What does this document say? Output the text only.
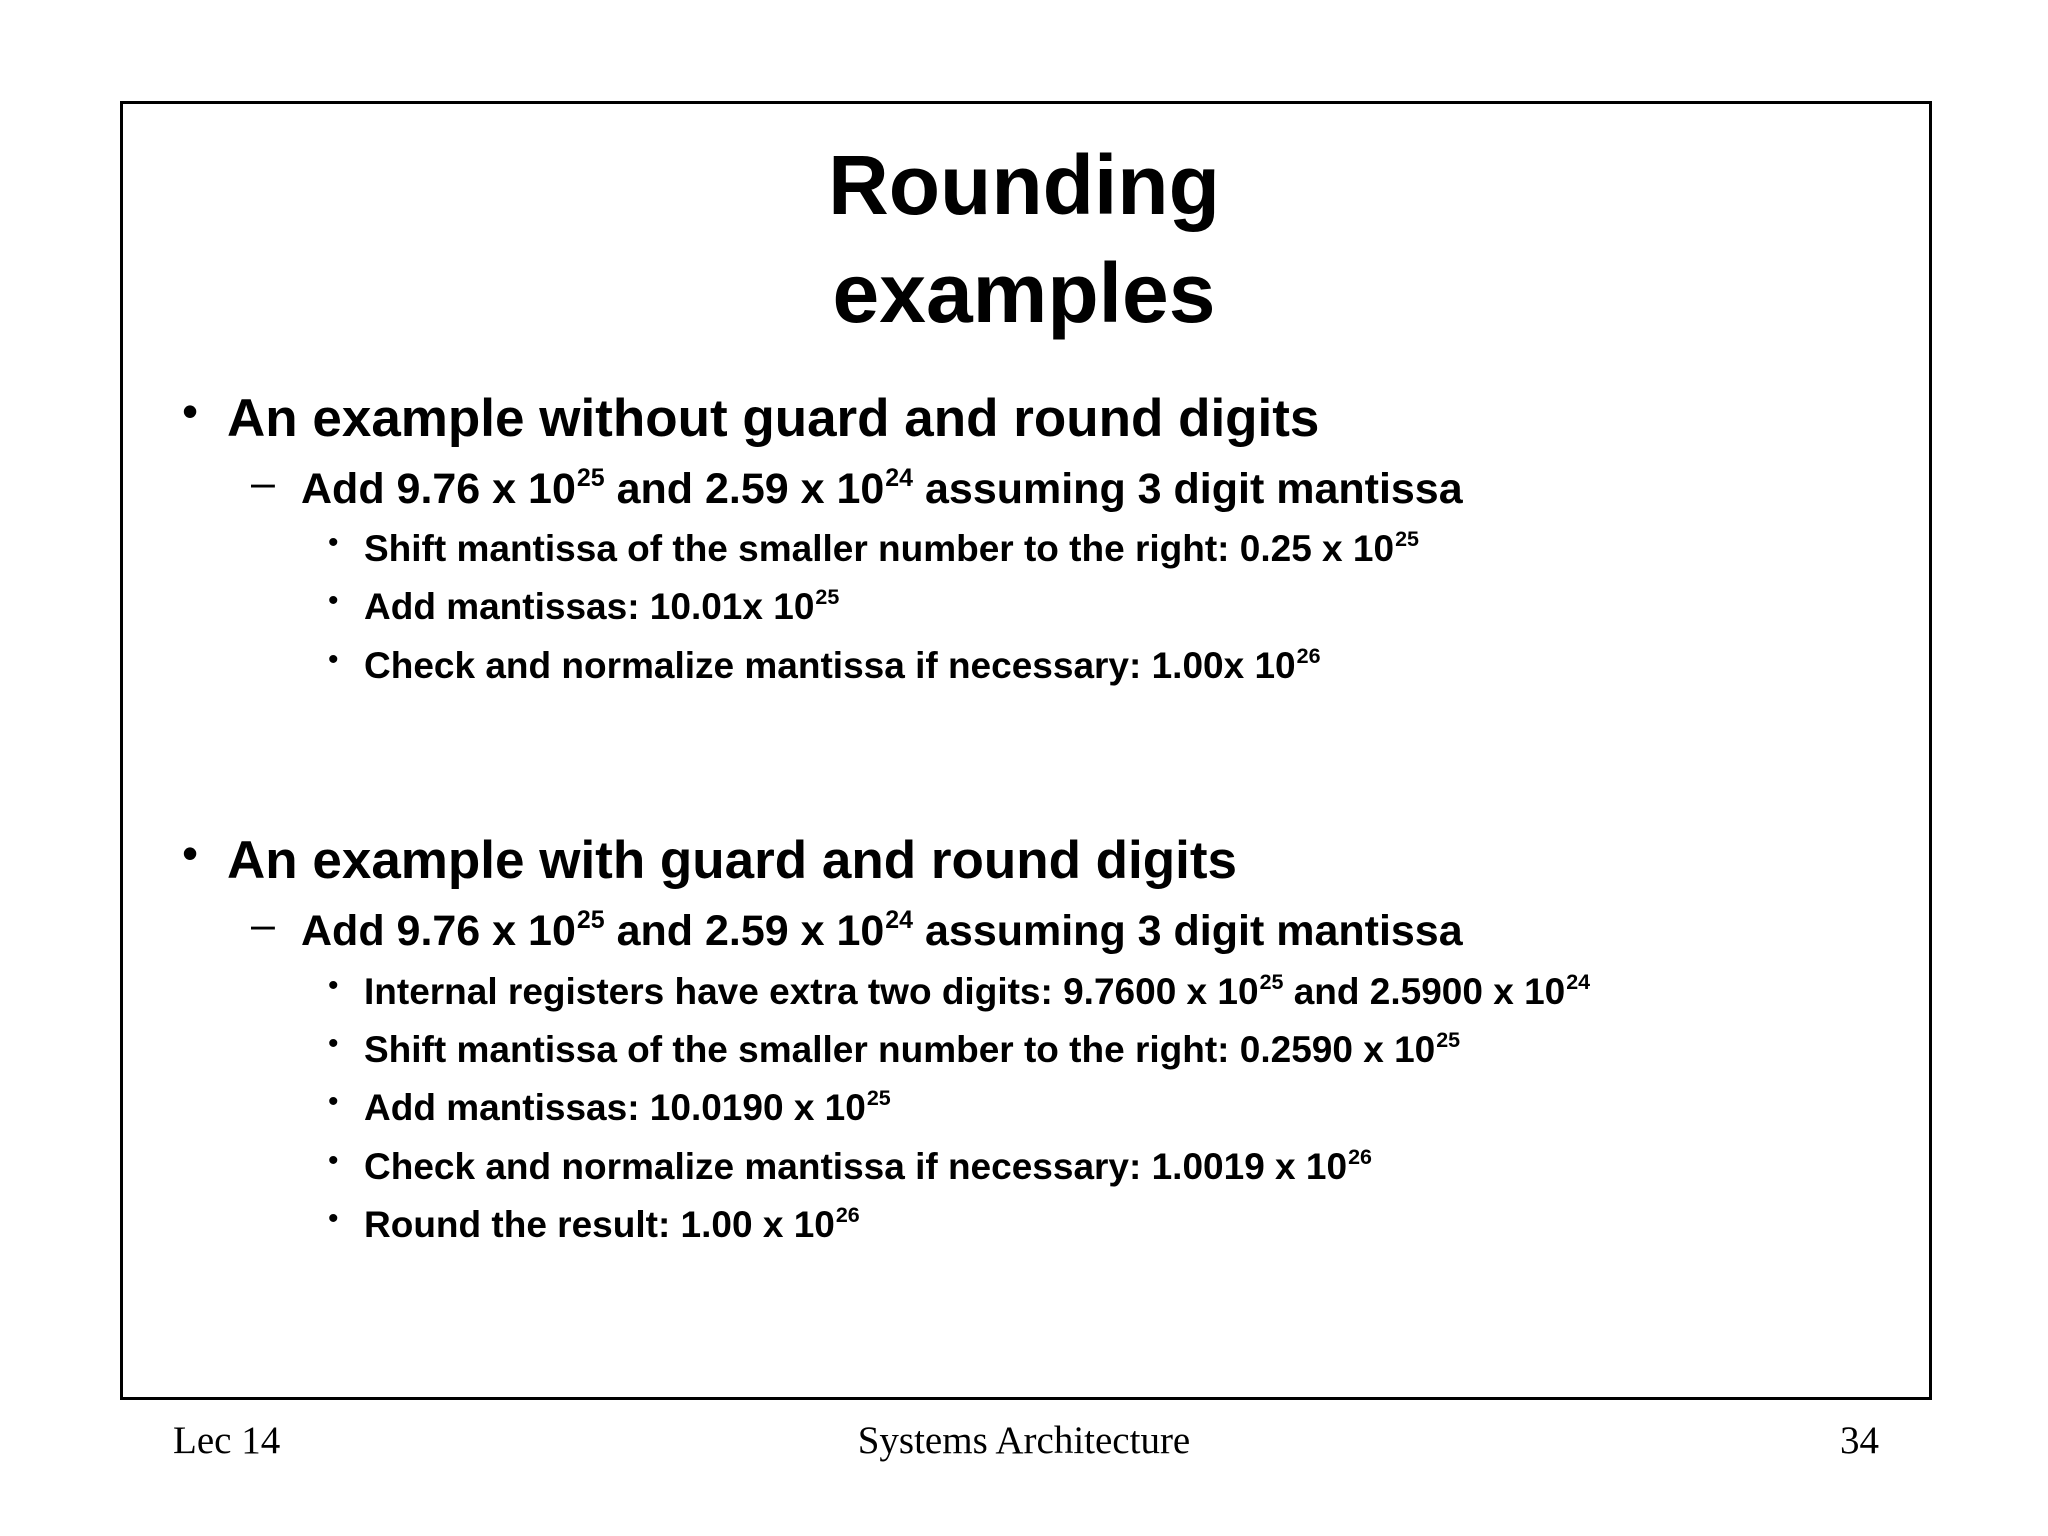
Rounding
examples
• An example without guard and round digits
– Add 9.76 x $10^{25}$ and 2.59 x $10^{24}$ assuming 3 digit mantissa
• Shift mantissa of the smaller number to the right: 0.25 x $10^{25}$
• Add mantissas: 10.01x $10^{25}$
• Check and normalize mantissa if necessary: 1.00x $10^{26}$
• An example with guard and round digits
– Add 9.76 x $10^{25}$ and 2.59 x $10^{24}$ assuming 3 digit mantissa
• Internal registers have extra two digits: 9.7600 x $10^{25}$ and 2.5900 x $10^{24}$
• Shift mantissa of the smaller number to the right: 0.2590 x $10^{25}$
• Add mantissas: 10.0190 x $10^{25}$
• Check and normalize mantissa if necessary: 1.0019 x $10^{26}$
• Round the result: 1.00 x $10^{26}$
Lec 14	Systems Architecture	34
